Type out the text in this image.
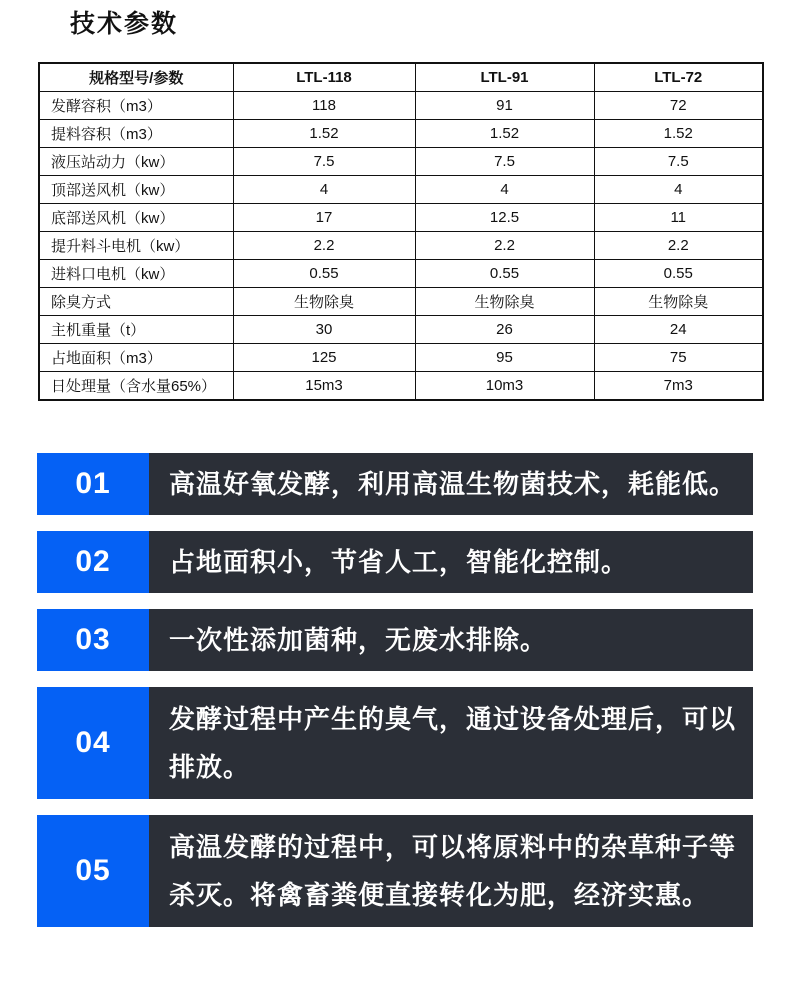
技术参数
规格型号/参数	LTL-118	LTL-91	LTL-72
发酵容积（m3）	118	91	72
提料容积（m3）	1.52	1.52	1.52
液压站动力（kw）	7.5	7.5	7.5
顶部送风机（kw）	4	4	4
底部送风机（kw）	17	12.5	11
提升料斗电机（kw）	2.2	2.2	2.2
进料口电机（kw）	0.55	0.55	0.55
除臭方式	生物除臭	生物除臭	生物除臭
主机重量（t）	30	26	24
占地面积（m3）	125	95	75
日处理量（含水量65%）	15m3	10m3	7m3
01	高温好氧发酵，利用高温生物菌技术，耗能低。
02	占地面积小，节省人工，智能化控制。
03	一次性添加菌种，无废水排除。
04
发酵过程中产生的臭气，通过设备处理后，可以排放。
05
高温发酵的过程中，可以将原料中的杂草种子等杀灭。将禽畜粪便直接转化为肥，经济实惠。
